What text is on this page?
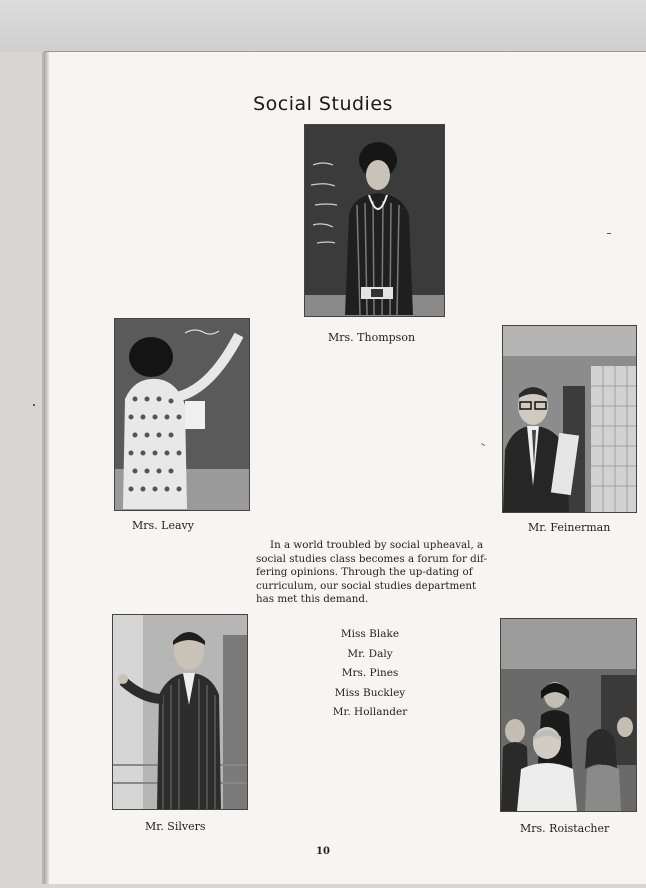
Social Studies
Mrs. Thompson
Mrs. Leavy	Mr. Feinerman
In a world troubled by social upheaval, a
social studies class becomes a forum for dif-
fering opinions. Through the up-dating of
curriculum, our social studies department
has met this demand.
Miss Blake
Mr. Daly
Mrs. Pines
Miss Buckley
Mr. Hollander
Mr. Silvers	Mrs. Roistacher
10
